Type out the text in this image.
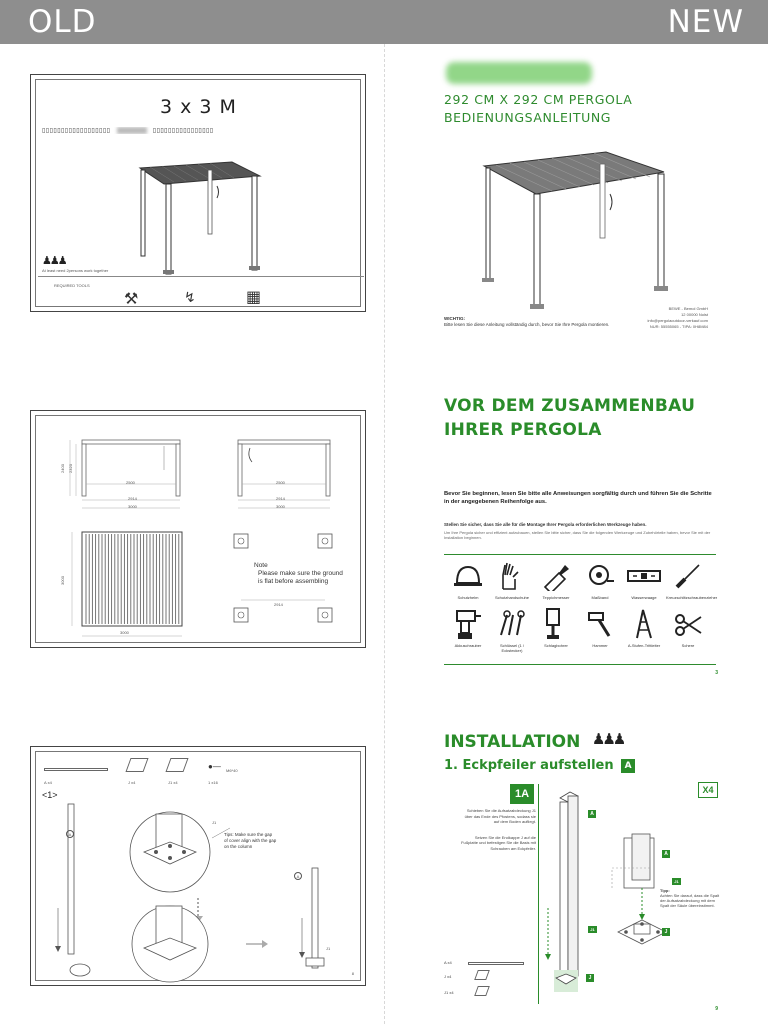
OLD	NEW
3 x 3 M
▯▯▯▯▯▯▯▯▯▯▯▯▯▯▯▯▯▯	▯▯▯▯▯▯▯▯▯▯▯▯▯▯▯▯
♟♟♟
At least need 2persons work together
REQUIRED TOOLS
⚒	↯	▦
2400 2320
2500
2914
3000
2500
2914
3000
3000
3000
Note
Please make sure the ground
is flat before assembling
2914
A x4	J x4	J1 x4
●—
1 x16
M6*40
<1>
Tips: Make sure the gap
of cover align with the gap
on the column
A
J1
A
J1
8
292 CM X 292 CM PERGOLA
BEDIENUNGSANLEITUNG
WICHTIG:
Bitte lesen Sie diese Anleitung vollständig durch, bevor Sie Ihre Pergola montieren.
BEWE - Bemol GmbH
12 00000 Nolst
info@pergolaoutdoor-verkauf.com
NUR: 55555065 - TIPA: 0H8M84
VOR DEM ZUSAMMENBAU
IHRER PERGOLA
Bevor Sie beginnen, lesen Sie bitte alle Anweisungen sorgfältig durch und führen Sie die Schritte in der angegebenen Reihenfolge aus.
Stellen Sie sicher, dass Sie alle für die Montage Ihrer Pergola erforderlichen Werkzeuge haben.
Um Ihre Pergola sicher und effizient aufzubauen, stellen Sie bitte sicher, dass Sie die folgenden Werkzeuge und Zubehörteile haben, bevor Sie mit der Installation beginnen.
Schutzhelm	Schutzhandschuhe	Teppichmesser	Maßband	Wasserwaage	Kreuzschlitzschraubenzieher
Akkuschrauber	Schlüssel (1 / Eckstecker)
Schlagbohrer	Hammer	A-Stufen-Trittleiter	Schere
3
INSTALLATION ♟♟♟
1. Eckpfeiler aufstellen A
1A	X4
Schieben Sie die Aufsatzabdeckung J1 über das Ende des Pfostens, sodass sie auf dem Boden aufliegt.
Setzen Sie die Endkappe J auf die Fußplatte und befestigen Sie die Basis mit Schrauben am Eckpfeiler.
A
J1
J
A
J1
J
Tipp:
Achten Sie darauf, dass die Spalt der Aufsatzabdeckung mit dem Spalt der Säule übereinstimmt.
A x4
J x4
J1 x4
9
